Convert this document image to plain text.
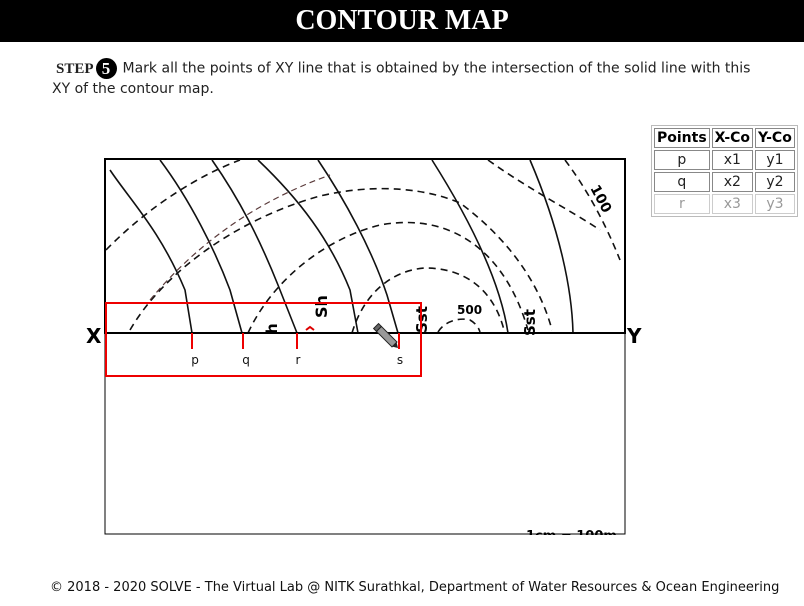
CONTOUR MAP
STEP 5 Mark all the points of XY line that is obtained by the intersection of the solid line with this XY of the contour map.
Points	X-Co	Y-Co
p	x1	y1
q	x2	y2
r	x3	y3
100
500
Sh	Sst	Sst
h
X	Y
p	q	r	s
© 2018 - 2020 SOLVE - The Virtual Lab @ NITK Surathkal, Department of Water Resources & Ocean Engineering
